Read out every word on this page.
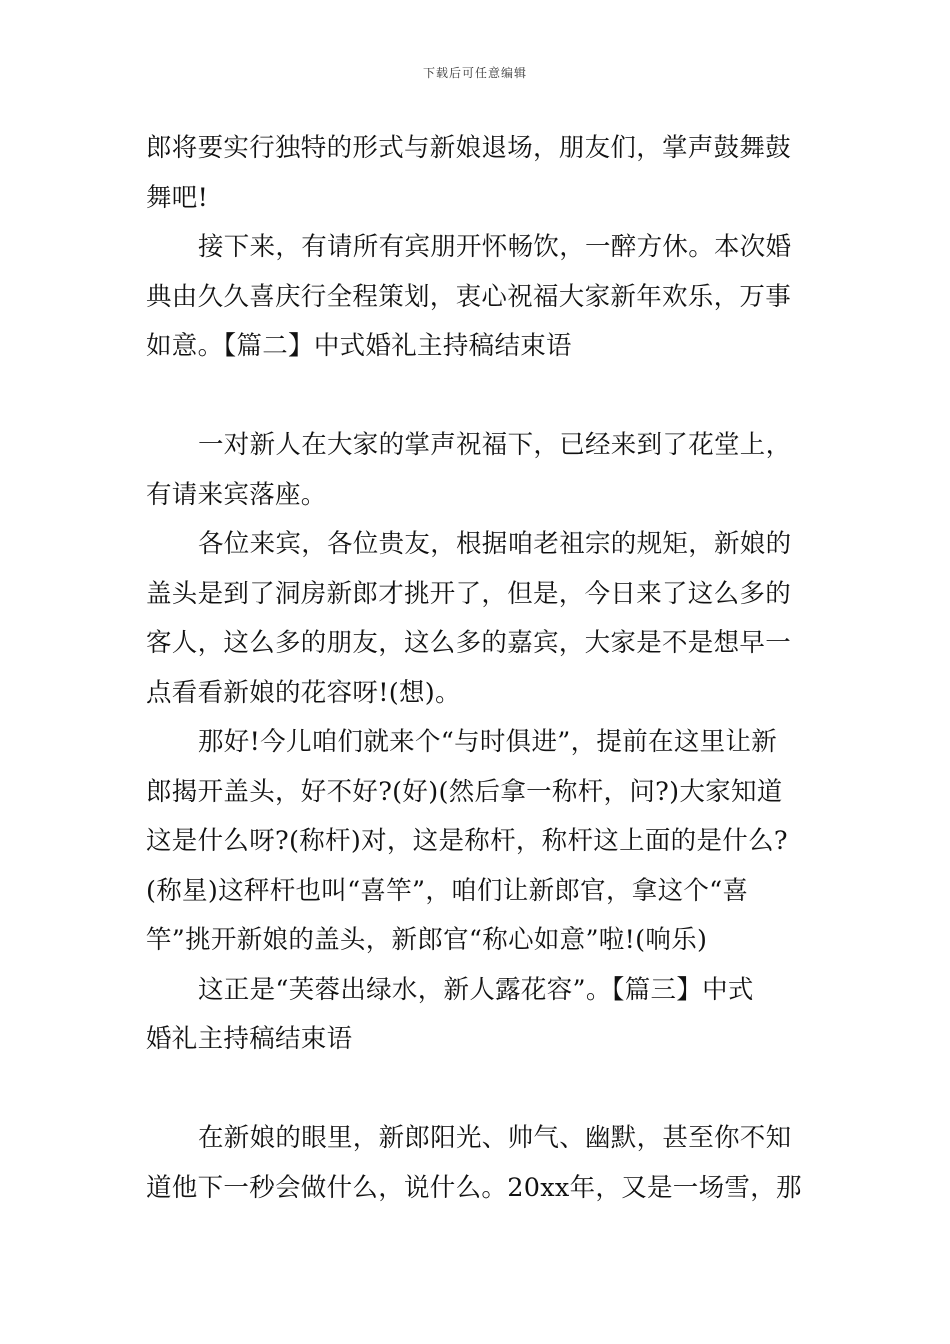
下载后可任意编辑
郎将要实行独特的形式与新娘退场，朋友们，掌声鼓舞鼓
舞吧!
接下来，有请所有宾朋开怀畅饮，一醉方休。本次婚
典由久久喜庆行全程策划，衷心祝福大家新年欢乐，万事
如意。【篇二】中式婚礼主持稿结束语
一对新人在大家的掌声祝福下，已经来到了花堂上，
有请来宾落座。
各位来宾，各位贵友，根据咱老祖宗的规矩，新娘的
盖头是到了洞房新郎才挑开了，但是，今日来了这么多的
客人，这么多的朋友，这么多的嘉宾，大家是不是想早一
点看看新娘的花容呀!(想)。
那好!今儿咱们就来个“与时俱进”，提前在这里让新
郎揭开盖头，好不好?(好)(然后拿一称杆，问?)大家知道
这是什么呀?(称杆)对，这是称杆，称杆这上面的是什么?
(称星)这秤杆也叫“喜竿”，咱们让新郎官，拿这个“喜
竿”挑开新娘的盖头，新郎官“称心如意”啦!(响乐)
这正是“芙蓉出绿水，新人露花容”。【篇三】中式
婚礼主持稿结束语
在新娘的眼里，新郎阳光、帅气、幽默，甚至你不知
道他下一秒会做什么，说什么。20xx年，又是一场雪，那
